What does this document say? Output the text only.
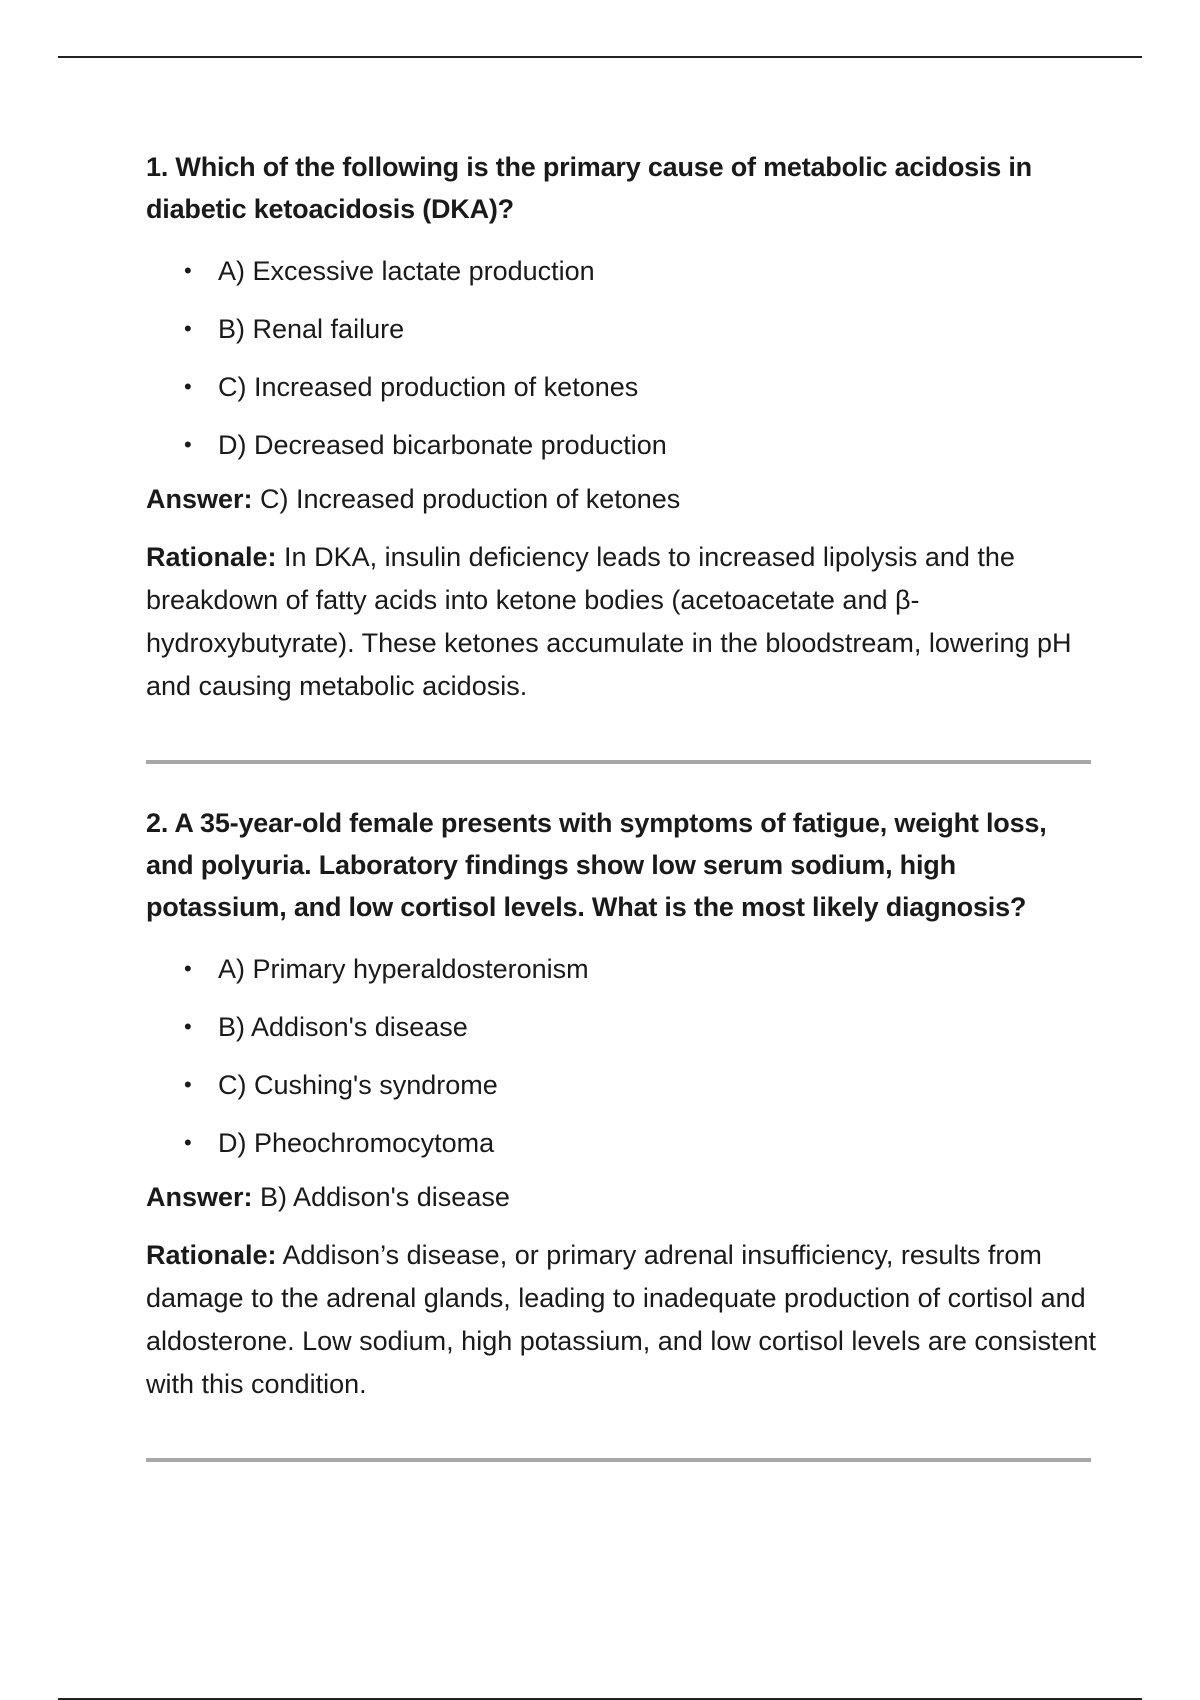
1. Which of the following is the primary cause of metabolic acidosis in diabetic ketoacidosis (DKA)?

• A) Excessive lactate production
• B) Renal failure
• C) Increased production of ketones
• D) Decreased bicarbonate production

Answer: C) Increased production of ketones

Rationale: In DKA, insulin deficiency leads to increased lipolysis and the breakdown of fatty acids into ketone bodies (acetoacetate and β-hydroxybutyrate). These ketones accumulate in the bloodstream, lowering pH and causing metabolic acidosis.

2. A 35-year-old female presents with symptoms of fatigue, weight loss, and polyuria. Laboratory findings show low serum sodium, high potassium, and low cortisol levels. What is the most likely diagnosis?

• A) Primary hyperaldosteronism
• B) Addison's disease
• C) Cushing's syndrome
• D) Pheochromocytoma

Answer: B) Addison's disease

Rationale: Addison’s disease, or primary adrenal insufficiency, results from damage to the adrenal glands, leading to inadequate production of cortisol and aldosterone. Low sodium, high potassium, and low cortisol levels are consistent with this condition.
